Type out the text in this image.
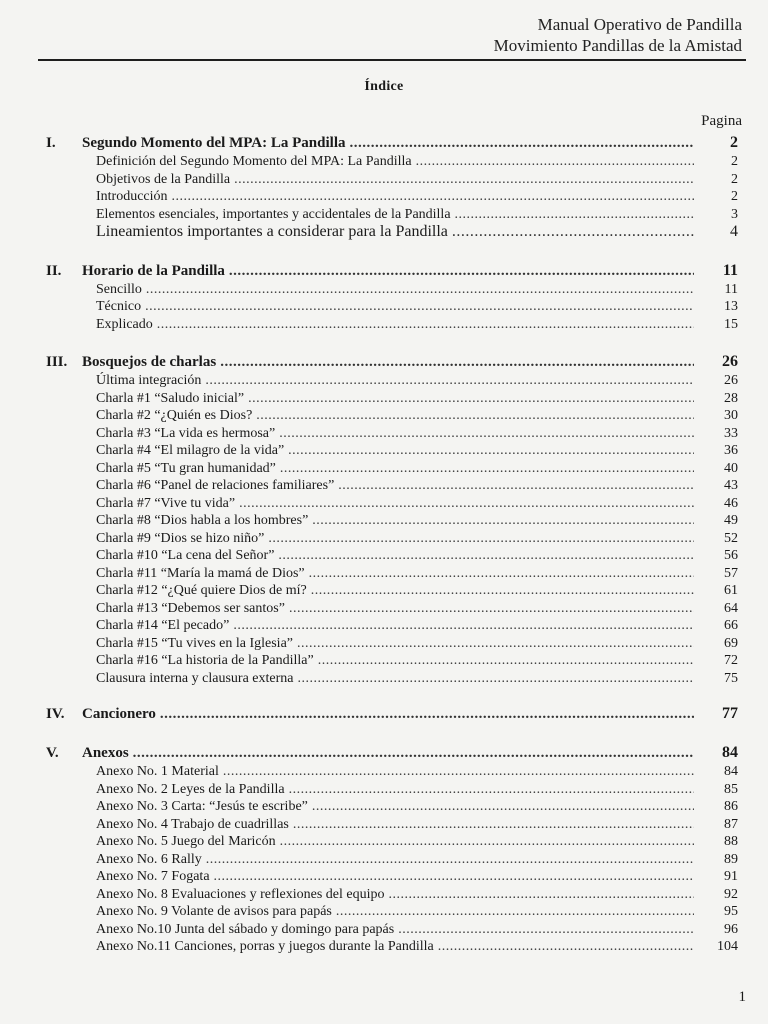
Manual Operativo de Pandilla
Movimiento Pandillas de la Amistad
Índice
Pagina
I.	Segundo Momento del MPA: La Pandilla .....	2
Definición del Segundo Momento del MPA: La Pandilla .....	2
Objetivos de la Pandilla .....	2
Introducción .....	2
Elementos esenciales, importantes y accidentales de la Pandilla .....	3
Lineamientos importantes a considerar para la Pandilla .....	4
II.	Horario de la Pandilla .....	11
Sencillo .....	11
Técnico .....	13
Explicado .....	15
III. Bosquejos de charlas .....	26
Última integración .....	26
Charla #1 “Saludo inicial” .....	28
Charla #2 “¿Quién es Dios? .....	30
Charla #3 “La vida es hermosa” .....	33
Charla #4 “El milagro de la vida” .....	36
Charla #5 “Tu gran humanidad” .....	40
Charla #6 “Panel de relaciones familiares” .....	43
Charla #7 “Vive tu vida” .....	46
Charla #8 “Dios habla a los hombres” .....	49
Charla #9 “Dios se hizo niño” .....	52
Charla #10 “La cena del Señor” .....	56
Charla #11 “María la mamá de Dios” .....	57
Charla #12 “¿Qué quiere Dios de mí? .....	61
Charla #13 “Debemos ser santos” .....	64
Charla #14 “El pecado” .....	66
Charla #15 “Tu vives en la Iglesia” .....	69
Charla #16 “La historia de la Pandilla” .....	72
Clausura interna y clausura externa .....	75
IV.	Cancionero .....	77
V.	Anexos .....	84
Anexo No. 1 Material .....	84
Anexo No. 2 Leyes de la Pandilla .....	85
Anexo No. 3 Carta: “Jesús te escribe” .....	86
Anexo No. 4 Trabajo de cuadrillas .....	87
Anexo No. 5 Juego del Maricón .....	88
Anexo No. 6 Rally .....	89
Anexo No. 7 Fogata .....	91
Anexo No. 8 Evaluaciones y reflexiones del equipo .....	92
Anexo No. 9 Volante de avisos para papás .....	95
Anexo No.10 Junta del sábado y domingo para papás .....	96
Anexo No.11 Canciones, porras y juegos durante la Pandilla .....	104
1
